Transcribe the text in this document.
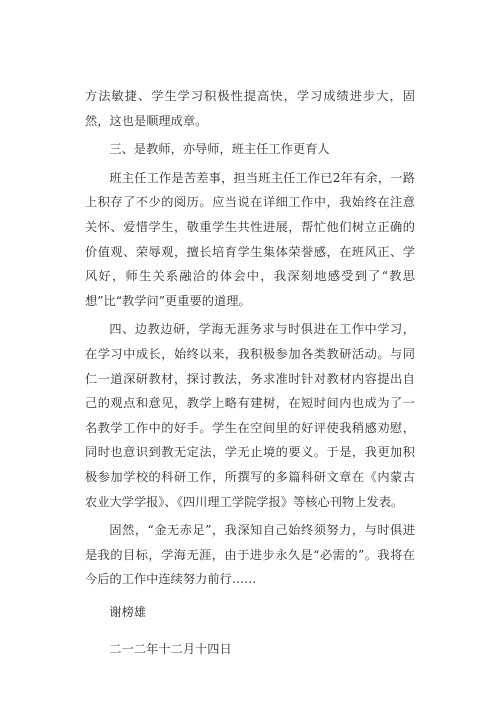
方法敏捷、学生学习积极性提高快，学习成绩进步大，固然，这也是顺理成章。

三、是教师，亦导师，班主任工作更育人

班主任工作是苦差事，担当班主任工作已2年有余，一路上积存了不少的阅历。应当说在详细工作中，我始终在注意关怀、爱惜学生，敬重学生共性进展，帮忙他们树立正确的价值观、荣辱观，擅长培育学生集体荣誉感，在班风正、学风好，师生关系融洽的体会中，我深刻地感受到了“教思想”比“教学问”更重要的道理。

四、边教边研，学海无涯务求与时俱进在工作中学习，在学习中成长，始终以来，我积极参加各类教研活动。与同仁一道深研教材，探讨教法，务求准时针对教材内容提出自己的观点和意见，教学上略有建树，在短时间内也成为了一名教学工作中的好手。学生在空间里的好评使我稍感劝慰，同时也意识到教无定法，学无止境的要义。于是，我更加积极参加学校的科研工作，所撰写的多篇科研文章在《内蒙古农业大学学报》、《四川理工学院学报》等核心刊物上发表。

固然，“金无赤足”，我深知自己始终须努力，与时俱进是我的目标，学海无涯，由于进步永久是“必需的”。我将在今后的工作中连续努力前行……

谢榜雄

二一二年十二月十四日
